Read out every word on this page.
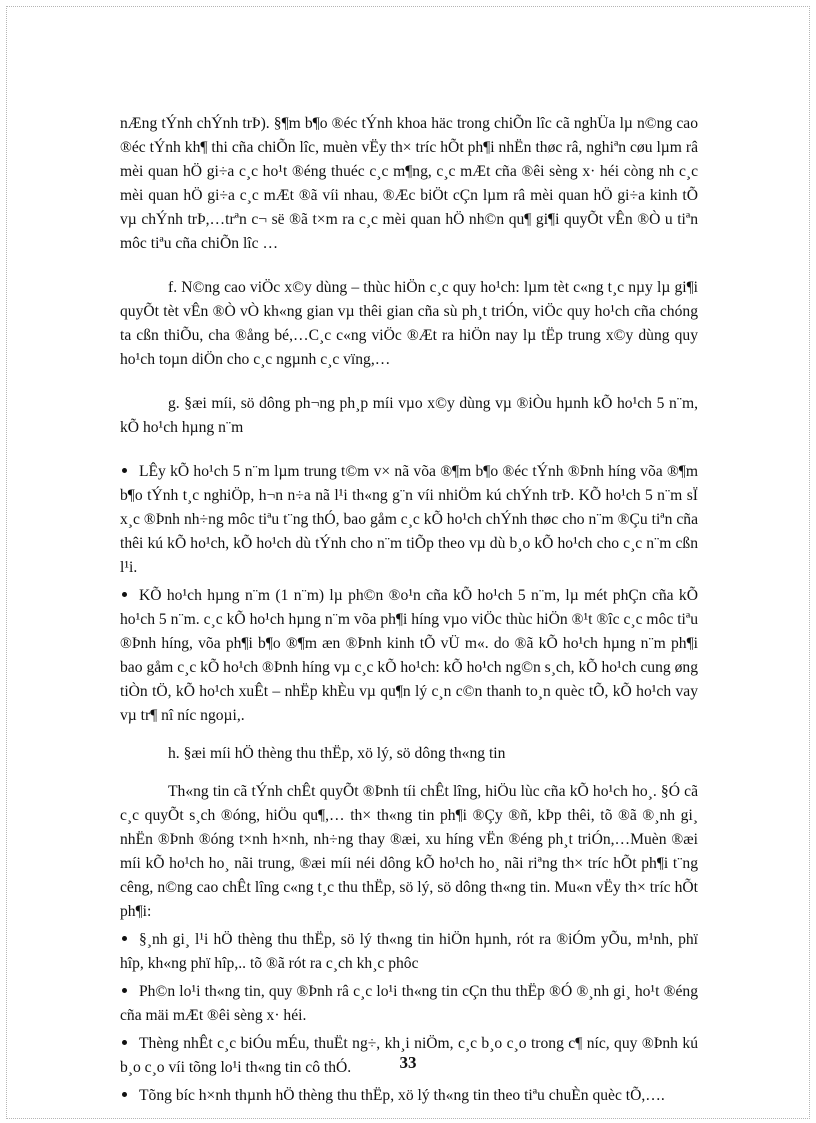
nÆng tÝnh chÝnh trÞ). §¶m b¶o ®éc tÝnh khoa häc trong chiÕn lîc cã nghÜa lµ n©ng cao ®éc tÝnh kh¶ thi cña chiÕn lîc, muèn vËy th× tríc hÕt ph¶i nhËn thøc râ, nghiªn cøu lµm râ mèi quan hÖ gi÷a c¸c ho¹t ®éng thuéc c¸c m¶ng, c¸c mÆt cña ®êi sèng x· héi còng nh c¸c mèi quan hÖ gi÷a c¸c mÆt ®ã víi nhau, ®Æc biÖt cÇn lµm râ mèi quan hÖ gi÷a kinh tÕ vµ chÝnh trÞ,…trªn c¬ së ®ã t×m ra c¸c mèi quan hÖ nh©n qu¶ gi¶i quyÕt vÊn ®Ò u tiªn môc tiªu cña chiÕn lîc …

f. N©ng cao viÖc x©y dùng – thùc hiÖn c¸c quy ho¹ch: lµm tèt c«ng t¸c nµy lµ gi¶i quyÕt tèt vÊn ®Ò vÒ kh«ng gian vµ thêi gian cña sù ph¸t triÓn, viÖc quy ho¹ch cña chóng ta cßn thiÕu, cha ®ång bé,…C¸c c«ng viÖc ®Æt ra hiÖn nay lµ tËp trung x©y dùng quy ho¹ch toµn diÖn cho c¸c ngµnh c¸c vïng,…

g. §æi míi, sö dông ph¬ng ph¸p míi vµo x©y dùng vµ ®iÒu hµnh kÕ ho¹ch 5 n¨m, kÕ ho¹ch hµng n¨m

LÊy kÕ ho¹ch 5 n¨m lµm trung t©m v× nã võa ®¶m b¶o ®éc tÝnh ®Þnh híng võa ®¶m b¶o tÝnh t¸c nghiÖp, h¬n n÷a nã l¹i th«ng g¨n víi nhiÖm kú chÝnh trÞ. KÕ ho¹ch 5 n¨m sÏ x¸c ®Þnh nh÷ng môc tiªu t¨ng thÓ, bao gåm c¸c kÕ ho¹ch chÝnh thøc cho n¨m ®Çu tiªn cña thêi kú kÕ ho¹ch, kÕ ho¹ch dù tÝnh cho n¨m tiÕp theo vµ dù b¸o kÕ ho¹ch cho c¸c n¨m cßn l¹i.

KÕ ho¹ch hµng n¨m (1 n¨m) lµ ph©n ®o¹n cña kÕ ho¹ch 5 n¨m, lµ mét phÇn cña kÕ ho¹ch 5 n¨m. c¸c kÕ ho¹ch hµng n¨m võa ph¶i híng vµo viÖc thùc hiÖn ®¹t ®îc c¸c môc tiªu ®Þnh híng, võa ph¶i b¶o ®¶m æn ®Þnh kinh tÕ vÜ m«. do ®ã kÕ ho¹ch hµng n¨m ph¶i bao gåm c¸c kÕ ho¹ch ®Þnh híng vµ c¸c kÕ ho¹ch: kÕ ho¹ch ng©n s¸ch, kÕ ho¹ch cung øng tiÒn tÖ, kÕ ho¹ch xuÊt – nhËp khÈu vµ qu¶n lý c¸n c©n thanh to¸n quèc tÕ, kÕ ho¹ch vay vµ tr¶ nî níc ngoµi,.

h. §æi míi hÖ thèng thu thËp, xö lý, sö dông th«ng tin

Th«ng tin cã tÝnh chÊt quyÕt ®Þnh tíi chÊt lîng, hiÖu lùc cña kÕ ho¹ch ho¸. §Ó cã c¸c quyÕt s¸ch ®óng, hiÖu qu¶,… th× th«ng tin ph¶i ®Çy ®ñ, kÞp thêi, tõ ®ã ®¸nh gi¸ nhËn ®Þnh ®óng t×nh h×nh, nh÷ng thay ®æi, xu híng vËn ®éng ph¸t triÓn,…Muèn ®æi míi kÕ ho¹ch ho¸ nãi trung, ®æi míi néi dông kÕ ho¹ch ho¸ nãi riªng th× tríc hÕt ph¶i t¨ng cêng, n©ng cao chÊt lîng c«ng t¸c thu thËp, sö lý, sö dông th«ng tin. Mu«n vËy th× tríc hÕt ph¶i:

§¸nh gi¸ l¹i hÖ thèng thu thËp, sö lý th«ng tin hiÖn hµnh, rót ra ®iÓm yÕu, m¹nh, phï hîp, kh«ng phï hîp,.. tõ ®ã rót ra c¸ch kh¸c phôc

Ph©n lo¹i th«ng tin, quy ®Þnh râ c¸c lo¹i th«ng tin cÇn thu thËp ®Ó ®¸nh gi¸ ho¹t ®éng cña mäi mÆt ®êi sèng x· héi.

Thèng nhÊt c¸c biÓu mÉu, thuËt ng÷, kh¸i niÖm, c¸c b¸o c¸o trong c¶ níc, quy ®Þnh kú b¸o c¸o víi tõng lo¹i th«ng tin cô thÓ.

Tõng bíc h×nh thµnh hÖ thèng thu thËp, xö lý th«ng tin theo tiªu chuÈn quèc tÕ,….

33
